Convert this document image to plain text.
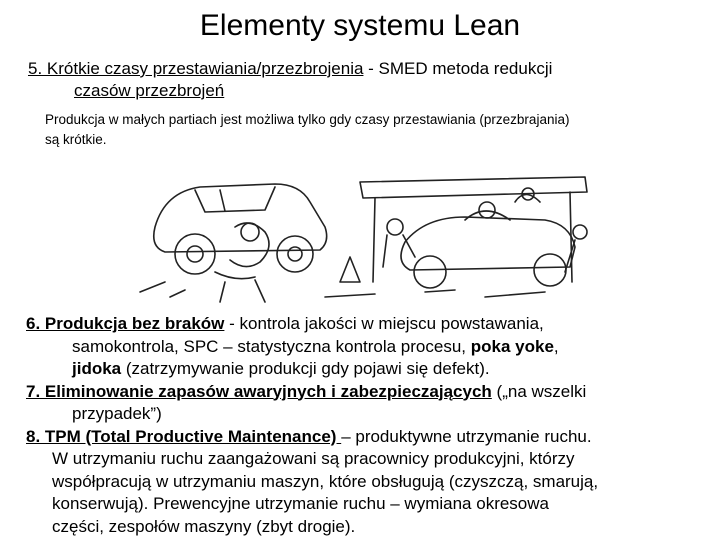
Elementy systemu Lean
5. Krótkie czasy przestawiania/przezbrojenia - SMED metoda redukcji
czasów przezbrojeń
Produkcja w małych partiach jest możliwa tylko gdy czasy przestawiania (przezbrajania)
są krótkie.
6. Produkcja bez braków - kontrola jakości w miejscu powstawania,
samokontrola, SPC – statystyczna kontrola procesu, poka yoke,
jidoka (zatrzymywanie produkcji gdy pojawi się defekt).
7. Eliminowanie zapasów awaryjnych i zabezpieczających („na wszelki
przypadek”)
8. TPM (Total Productive Maintenance) – produktywne utrzymanie ruchu.
W utrzymaniu ruchu zaangażowani są pracownicy produkcyjni, którzy
współpracują w utrzymaniu maszyn, które obsługują (czyszczą, smarują,
konserwują). Prewencyjne utrzymanie ruchu – wymiana okresowa
części, zespołów maszyny (zbyt drogie).
